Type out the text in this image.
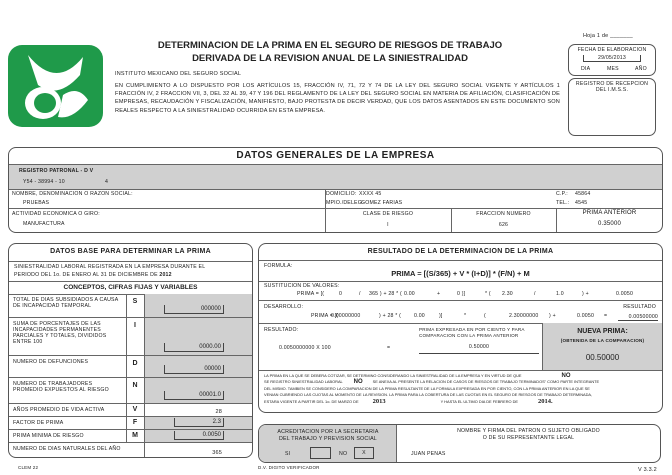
Hoja 1 de _______
DETERMINACION DE LA PRIMA EN EL SEGURO DE RIESGOS DE TRABAJO
DERIVADA DE LA REVISION ANUAL DE LA SINIESTRALIDAD
INSTITUTO MEXICANO DEL SEGURO SOCIAL
EN CUMPLIMIENTO A LO DISPUESTO POR LOS ARTÍCULOS 15, FRACCIÓN IV, 71, 72 Y 74 DE LA LEY DEL SEGURO SOCIAL VIGENTE Y ARTÍCULOS 1 FRACCIÓN IV, 2 FRACCION VII, 3, DEL 32 AL 39, 47 Y 196 DEL REGLAMENTO DE LA LEY DEL SEGURO SOCIAL EN MATERIA DE AFILIACIÓN, CLASIFICACIÓN DE EMPRESAS, RECAUDACIÓN Y FISCALIZACIÓN, MANIFIESTO, BAJO PROTESTA DE DECIR VERDAD, QUE LOS DATOS ASENTADOS EN ESTE DOCUMENTO SON REALES RESPECTO A LA SINIESTRALIDAD OCURRIDA EN ESTA EMPRESA.
FECHA DE ELABORACION
29/05/2013
DIA	MES	AÑO
REGISTRO DE RECEPCION DEL I.M.S.S.
DATOS GENERALES DE LA EMPRESA
REGISTRO PATRONAL - D V
Y54 - 38994 - 10	4
NOMBRE, DENOMINACION O RAZON SOCIAL:
PRUEBAS
DOMICILIO: XXXX 45
MPIO./DELEG:
GOMEZ FARIAS
C.P.: 45864
TEL.: 4545
ACTIVIDAD ECONOMICA O GIRO:
MANUFACTURA
CLASE DE RIESGO
I
FRACCION NUMERO
626
PRIMA ANTERIOR
0.35000
DATOS BASE PARA DETERMINAR LA PRIMA
SINIESTRALIDAD LABORAL REGISTRADA EN LA EMPRESA DURANTE EL
PERIODO DEL 1o. DE ENERO AL 31 DE DICIEMBRE DE 2012
CONCEPTOS, CIFRAS FIJAS Y VARIABLES
TOTAL DE DIAS SUBSIDIADOS A CAUSA DE INCAPACIDAD TEMPORAL
S
000000
SUMA DE PORCENTAJES DE LAS INCAPACIDADES PERMANENTES PARCIALES Y TOTALES, DIVIDIDOS ENTRE 100
I
0000.00
NUMERO DE DEFUNCIONES	D
00000
NUMERO DE TRABAJADORES PROMEDIO EXPUESTOS AL RIESGO
N
00001.0
AÑOS PROMEDIO DE VIDA ACTIVA	V	28
FACTOR DE PRIMA	F	2.3
PRIMA MINIMA DE RIESGO	M	0.0050
NUMERO DE DIAS NATURALES DEL AÑO
365
RESULTADO DE LA DETERMINACION DE LA PRIMA
FORMULA:
PRIMA = [(S/365) + V * (I+D)] * (F/N) + M
SUSTITUCION DE VALORES:
PRIMA = [(	0	/ 365 ) + 28 * ( 0.00	+	0 )]	* ( 2.30	/	1.0	) +	0.0050
DESARROLLO:	RESULTADO
PRIMA = [(
0.00000000	) + 28 * ( 0.00	)]	*	(	2.30000000 ) +	0.0050 =	0.00500000
RESULTADO:
0.0050000000 X 100	=
PRIMA EXPRESADA EN POR CIENTO Y PARA COMPARACION CON LA PRIMA ANTERIOR
0.50000
NUEVA PRIMA:
(OBTENIDA DE LA COMPARACION)
00.50000
LA PRIMA EN LA QUE SE DEBERA COTIZAR, SE DETERMINO CONSIDERANDO LA SINIESTRALIDAD DE LA EMPRESA Y EN VIRTUD DE QUE	NO
SE REGISTRO SINIESTRALIDAD LABORAL NO	SE ANEXA AL PRESENTE LA RELACION DE CASOS DE RIESGOS DE TRABAJO TERMINADOS" COMO PARTE INTEGRANTE
DEL MISMO. TAMBIEN SE CONSIDERO LA COMPARACION DE LA PRIMA RESULTANTE DE LA FORMULA EXPRESADA EN POR CIENTO, CON LA PRIMA ANTERIOR EN LA QUE SE
VENIAN CUBRIENDO LAS CUOTAS AL MOMENTO DE LA REVISION. LA PRIMA PARA LA COBERTURA DE LAS CUOTAS EN EL SEGURO DE RIESGOS DE TRABAJO DETERMINADA,
ESTARA VIGENTE A PARTIR DEL 1o. DE MARZO DE 2013	Y HASTA EL ULTIMO DIA DE FEBRERO DE	2014.
ACREDITACION POR LA SECRETARIA DEL TRABAJO Y PREVISION SOCIAL
SI	NO	X
NOMBRE Y FIRMA DEL PATRON O SUJETO OBLIGADO
O DE SU REPRESENTANTE LEGAL
JUAN PENAS
CLEM 22	D.V. DIGITO VERIFICADOR	V 3.3.2
